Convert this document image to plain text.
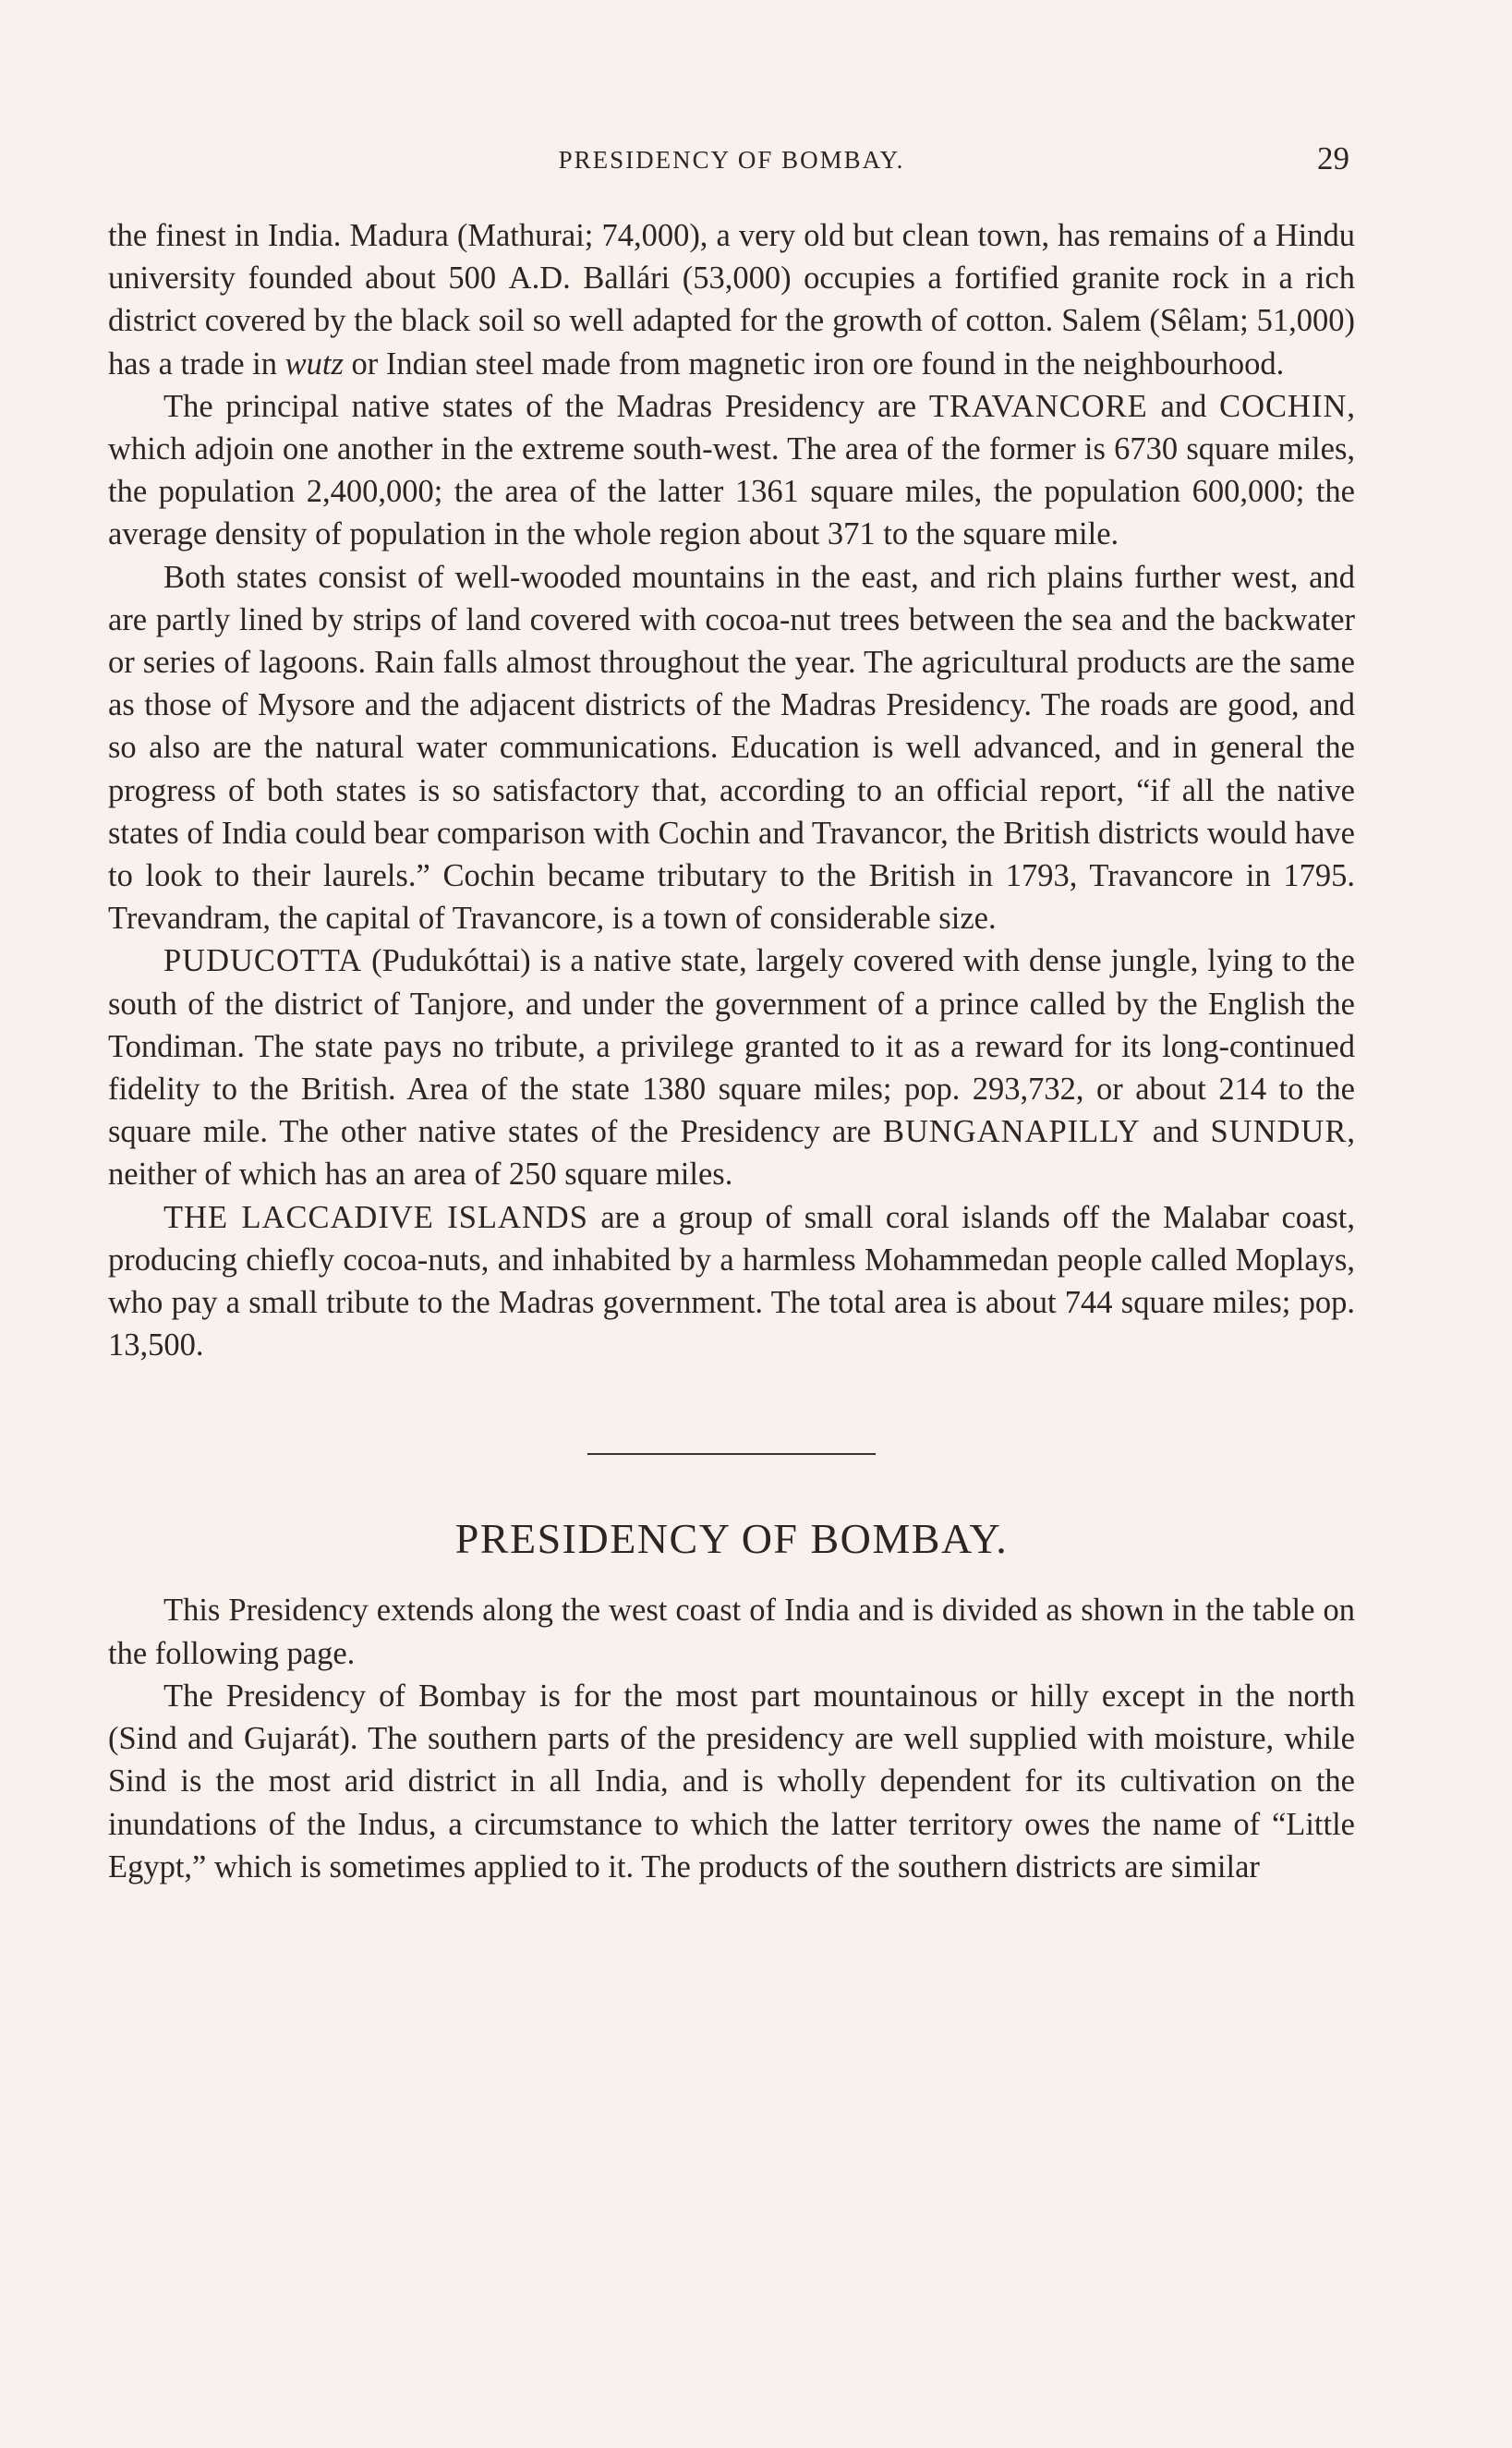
PRESIDENCY OF BOMBAY.	29

the finest in India. Madura (Mathurai; 74,000), a very old but clean town, has remains of a Hindu university founded about 500 A.D. Ballári (53,000) occupies a fortified granite rock in a rich district covered by the black soil so well adapted for the growth of cotton. Salem (Sêlam; 51,000) has a trade in wutz or Indian steel made from magnetic iron ore found in the neighbourhood.

The principal native states of the Madras Presidency are TRAVANCORE and COCHIN, which adjoin one another in the extreme south-west. The area of the former is 6730 square miles, the population 2,400,000; the area of the latter 1361 square miles, the population 600,000; the average density of population in the whole region about 371 to the square mile.

Both states consist of well-wooded mountains in the east, and rich plains further west, and are partly lined by strips of land covered with cocoa-nut trees between the sea and the backwater or series of lagoons. Rain falls almost throughout the year. The agricultural products are the same as those of Mysore and the adjacent districts of the Madras Presidency. The roads are good, and so also are the natural water communications. Education is well advanced, and in general the progress of both states is so satisfactory that, according to an official report, “if all the native states of India could bear comparison with Cochin and Travancor, the British districts would have to look to their laurels.” Cochin became tributary to the British in 1793, Travancore in 1795. Trevandram, the capital of Travancore, is a town of considerable size.

PUDUCOTTA (Pudukóttai) is a native state, largely covered with dense jungle, lying to the south of the district of Tanjore, and under the government of a prince called by the English the Tondiman. The state pays no tribute, a privilege granted to it as a reward for its long-continued fidelity to the British. Area of the state 1380 square miles; pop. 293,732, or about 214 to the square mile. The other native states of the Presidency are BUNGANAPILLY and SUNDUR, neither of which has an area of 250 square miles.

THE LACCADIVE ISLANDS are a group of small coral islands off the Malabar coast, producing chiefly cocoa-nuts, and inhabited by a harmless Mohammedan people called Moplays, who pay a small tribute to the Madras government. The total area is about 744 square miles; pop. 13,500.

PRESIDENCY OF BOMBAY.

This Presidency extends along the west coast of India and is divided as shown in the table on the following page.

The Presidency of Bombay is for the most part mountainous or hilly except in the north (Sind and Gujarát). The southern parts of the presidency are well supplied with moisture, while Sind is the most arid district in all India, and is wholly dependent for its cultivation on the inundations of the Indus, a circumstance to which the latter territory owes the name of “Little Egypt,” which is sometimes applied to it. The products of the southern districts are similar
